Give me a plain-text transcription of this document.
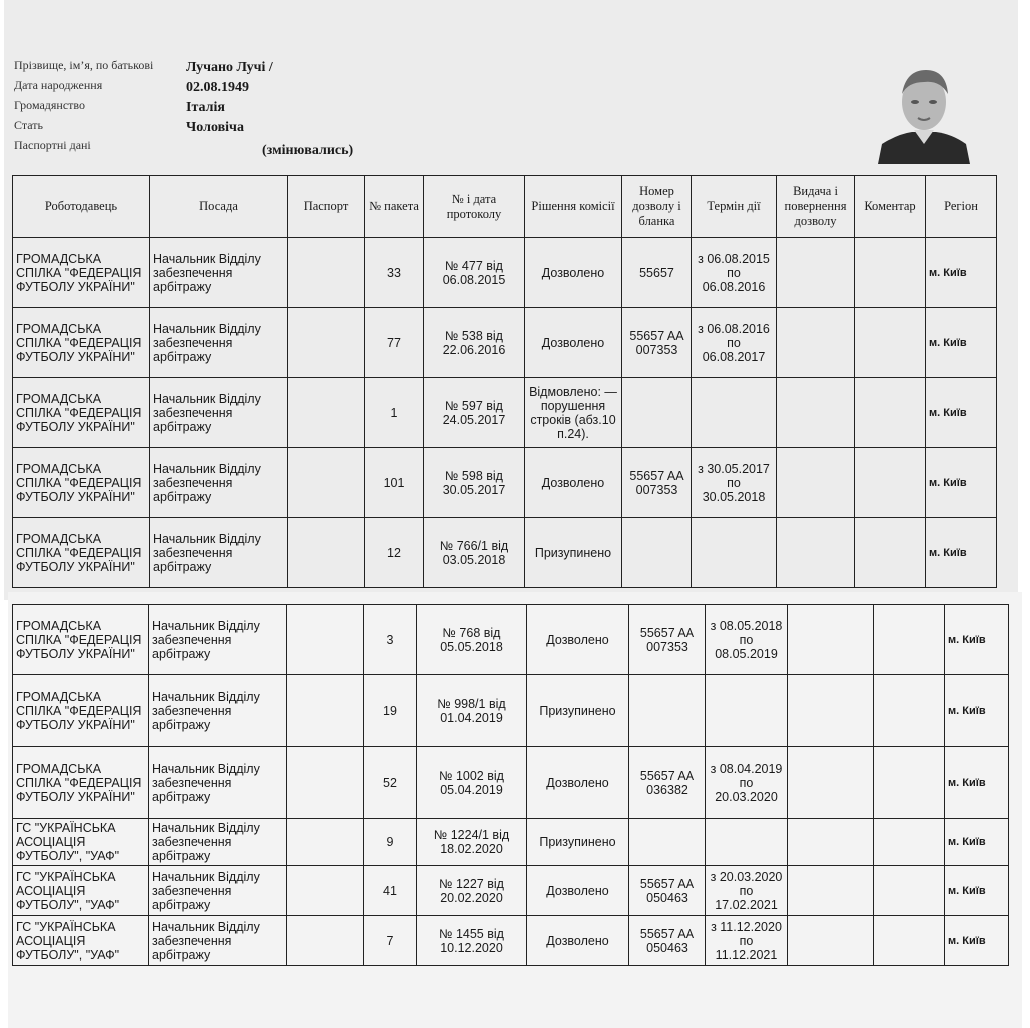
Прізвище, ім’я, по батькові Лучано Лучі /
Дата народження	02.08.1949
Громадянство	Італія
Стать	Чоловіча
Паспортні дані	(змінювались)
Роботодавець	Посада	Паспорт	№ пакета	№ і дата протоколу	Рішення комісії	Номер дозволу і бланка	Термін дії	Видача і повернення дозволу	Коментар	Регіон
ГРОМАДСЬКА СПІЛКА "ФЕДЕРАЦІЯ ФУТБОЛУ УКРАЇНИ"	Начальник Відділу забезпечення арбітражу		33	№ 477 від 06.08.2015	Дозволено	55657	з 06.08.2015 по 06.08.2016			м. Київ
ГРОМАДСЬКА СПІЛКА "ФЕДЕРАЦІЯ ФУТБОЛУ УКРАЇНИ"	Начальник Відділу забезпечення арбітражу		77	№ 538 від 22.06.2016	Дозволено	55657 AA 007353	з 06.08.2016 по 06.08.2017			м. Київ
ГРОМАДСЬКА СПІЛКА "ФЕДЕРАЦІЯ ФУТБОЛУ УКРАЇНИ"	Начальник Відділу забезпечення арбітражу		1	№ 597 від 24.05.2017	Відмовлено: — порушення строків (абз.10 п.24).					м. Київ
ГРОМАДСЬКА СПІЛКА "ФЕДЕРАЦІЯ ФУТБОЛУ УКРАЇНИ"	Начальник Відділу забезпечення арбітражу		101	№ 598 від 30.05.2017	Дозволено	55657 AA 007353	з 30.05.2017 по 30.05.2018			м. Київ
ГРОМАДСЬКА СПІЛКА "ФЕДЕРАЦІЯ ФУТБОЛУ УКРАЇНИ"	Начальник Відділу забезпечення арбітражу		12	№ 766/1 від 03.05.2018	Призупинено					м. Київ
ГРОМАДСЬКА СПІЛКА "ФЕДЕРАЦІЯ ФУТБОЛУ УКРАЇНИ"	Начальник Відділу забезпечення арбітражу		3	№ 768 від 05.05.2018	Дозволено	55657 AA 007353	з 08.05.2018 по 08.05.2019			м. Київ
ГРОМАДСЬКА СПІЛКА "ФЕДЕРАЦІЯ ФУТБОЛУ УКРАЇНИ"	Начальник Відділу забезпечення арбітражу		19	№ 998/1 від 01.04.2019	Призупинено					м. Київ
ГРОМАДСЬКА СПІЛКА "ФЕДЕРАЦІЯ ФУТБОЛУ УКРАЇНИ"	Начальник Відділу забезпечення арбітражу		52	№ 1002 від 05.04.2019	Дозволено	55657 AA 036382	з 08.04.2019 по 20.03.2020			м. Київ
ГС "УКРАЇНСЬКА АСОЦІАЦІЯ ФУТБОЛУ", "УАФ"	Начальник Відділу забезпечення арбітражу		9	№ 1224/1 від 18.02.2020	Призупинено					м. Київ
ГС "УКРАЇНСЬКА АСОЦІАЦІЯ ФУТБОЛУ", "УАФ"	Начальник Відділу забезпечення арбітражу		41	№ 1227 від 20.02.2020	Дозволено	55657 AA 050463	з 20.03.2020 по 17.02.2021			м. Київ
ГС "УКРАЇНСЬКА АСОЦІАЦІЯ ФУТБОЛУ", "УАФ"	Начальник Відділу забезпечення арбітражу		7	№ 1455 від 10.12.2020	Дозволено	55657 AA 050463	з 11.12.2020 по 11.12.2021			м. Київ
